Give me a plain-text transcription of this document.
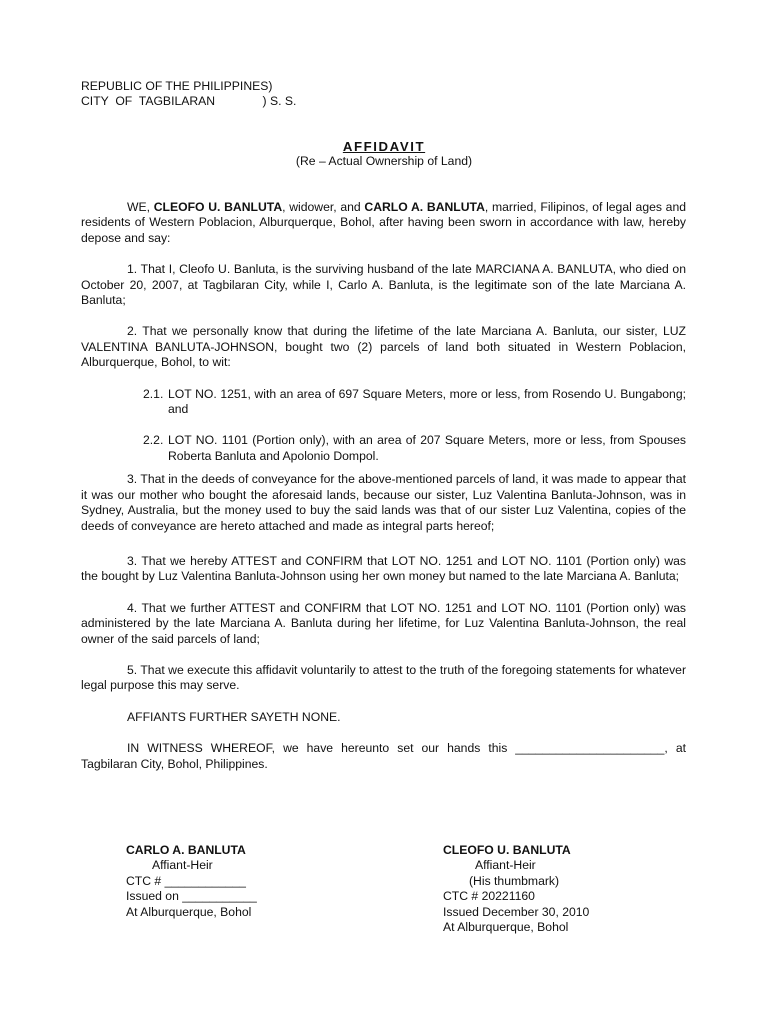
REPUBLIC OF THE PHILIPPINES)
CITY  OF  TAGBILARAN              ) S. S.
AFFIDAVIT
(Re – Actual Ownership of Land)

WE, CLEOFO U. BANLUTA, widower, and CARLO A. BANLUTA, married, Filipinos, of legal ages and residents of Western Poblacion, Alburquerque, Bohol, after having been sworn in accordance with law, hereby depose and say:

1. That I, Cleofo U. Banluta, is the surviving husband of the late MARCIANA A. BANLUTA, who died on October 20, 2007, at Tagbilaran City, while I, Carlo A. Banluta, is the legitimate son of the late Marciana A. Banluta;

2. That we personally know that during the lifetime of the late Marciana A. Banluta, our sister, LUZ VALENTINA BANLUTA-JOHNSON, bought two (2) parcels of land both situated in Western Poblacion, Alburquerque, Bohol, to wit:

2.1. LOT NO. 1251, with an area of 697 Square Meters, more or less, from Rosendo U. Bungabong; and
2.2. LOT NO. 1101 (Portion only), with an area of 207 Square Meters, more or less, from Spouses Roberta Banluta and Apolonio Dompol.

3. That in the deeds of conveyance for the above-mentioned parcels of land, it was made to appear that it was our mother who bought the aforesaid lands, because our sister, Luz Valentina Banluta-Johnson, was in Sydney, Australia, but the money used to buy the said lands was that of our sister Luz Valentina, copies of the deeds of conveyance are hereto attached and made as integral parts hereof;

3. That we hereby ATTEST and CONFIRM that LOT NO. 1251 and LOT NO. 1101 (Portion only) was the bought by Luz Valentina Banluta-Johnson using her own money but named to the late Marciana A. Banluta;

4. That we further ATTEST and CONFIRM that LOT NO. 1251 and LOT NO. 1101 (Portion only) was administered by the late Marciana A. Banluta during her lifetime, for Luz Valentina Banluta-Johnson, the real owner of the said parcels of land;

5. That we execute this affidavit voluntarily to attest to the truth of the foregoing statements for whatever legal purpose this may serve.

AFFIANTS FURTHER SAYETH NONE.

IN WITNESS WHEREOF, we have hereunto set our hands this ______________________, at Tagbilaran City, Bohol, Philippines.

CARLO A. BANLUTA
Affiant-Heir
CTC # ____________
Issued on ___________
At Alburquerque, Bohol
CLEOFO U. BANLUTA
Affiant-Heir
(His thumbmark)
CTC # 20221160
Issued December 30, 2010
At Alburquerque, Bohol
